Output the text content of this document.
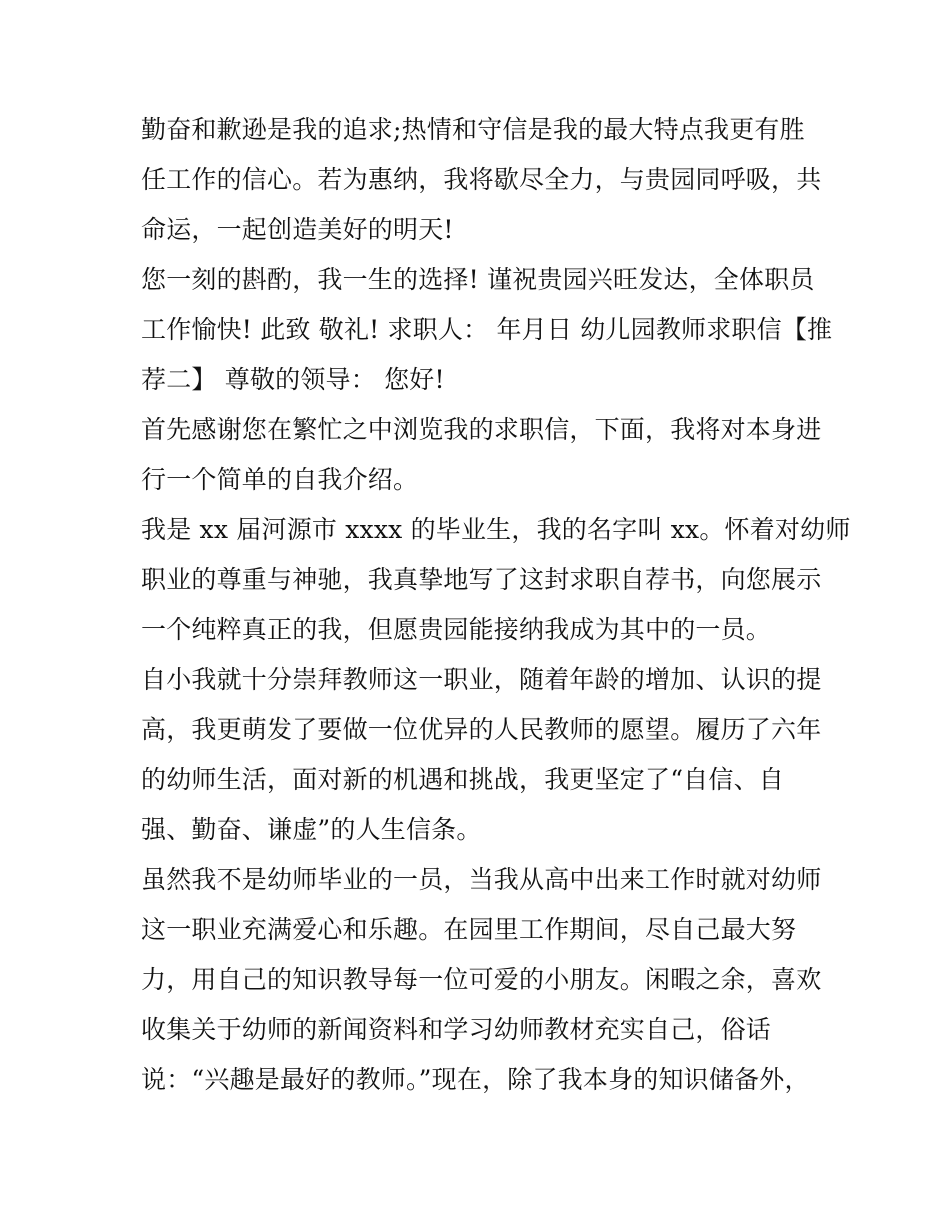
勤奋和歉逊是我的追求;热情和守信是我的最大特点我更有胜
任工作的信心。若为惠纳，我将歇尽全力，与贵园同呼吸，共
命运，一起创造美好的明天!
您一刻的斟酌，我一生的选择! 谨祝贵园兴旺发达，全体职员
工作愉快! 此致 敬礼! 求职人： 年月日 幼儿园教师求职信【推
荐二】 尊敬的领导： 您好!
首先感谢您在繁忙之中浏览我的求职信，下面，我将对本身进
行一个简单的自我介绍。
我是 xx 届河源市 xxxx 的毕业生，我的名字叫 xx。怀着对幼师
职业的尊重与神驰，我真挚地写了这封求职自荐书，向您展示
一个纯粹真正的我，但愿贵园能接纳我成为其中的一员。
自小我就十分崇拜教师这一职业，随着年龄的增加、认识的提
高，我更萌发了要做一位优异的人民教师的愿望。履历了六年
的幼师生活，面对新的机遇和挑战，我更坚定了“自信、自
强、勤奋、谦虚”的人生信条。
虽然我不是幼师毕业的一员，当我从高中出来工作时就对幼师
这一职业充满爱心和乐趣。在园里工作期间，尽自己最大努
力，用自己的知识教导每一位可爱的小朋友。闲暇之余，喜欢
收集关于幼师的新闻资料和学习幼师教材充实自己，俗话
说：“兴趣是最好的教师。”现在，除了我本身的知识储备外，
